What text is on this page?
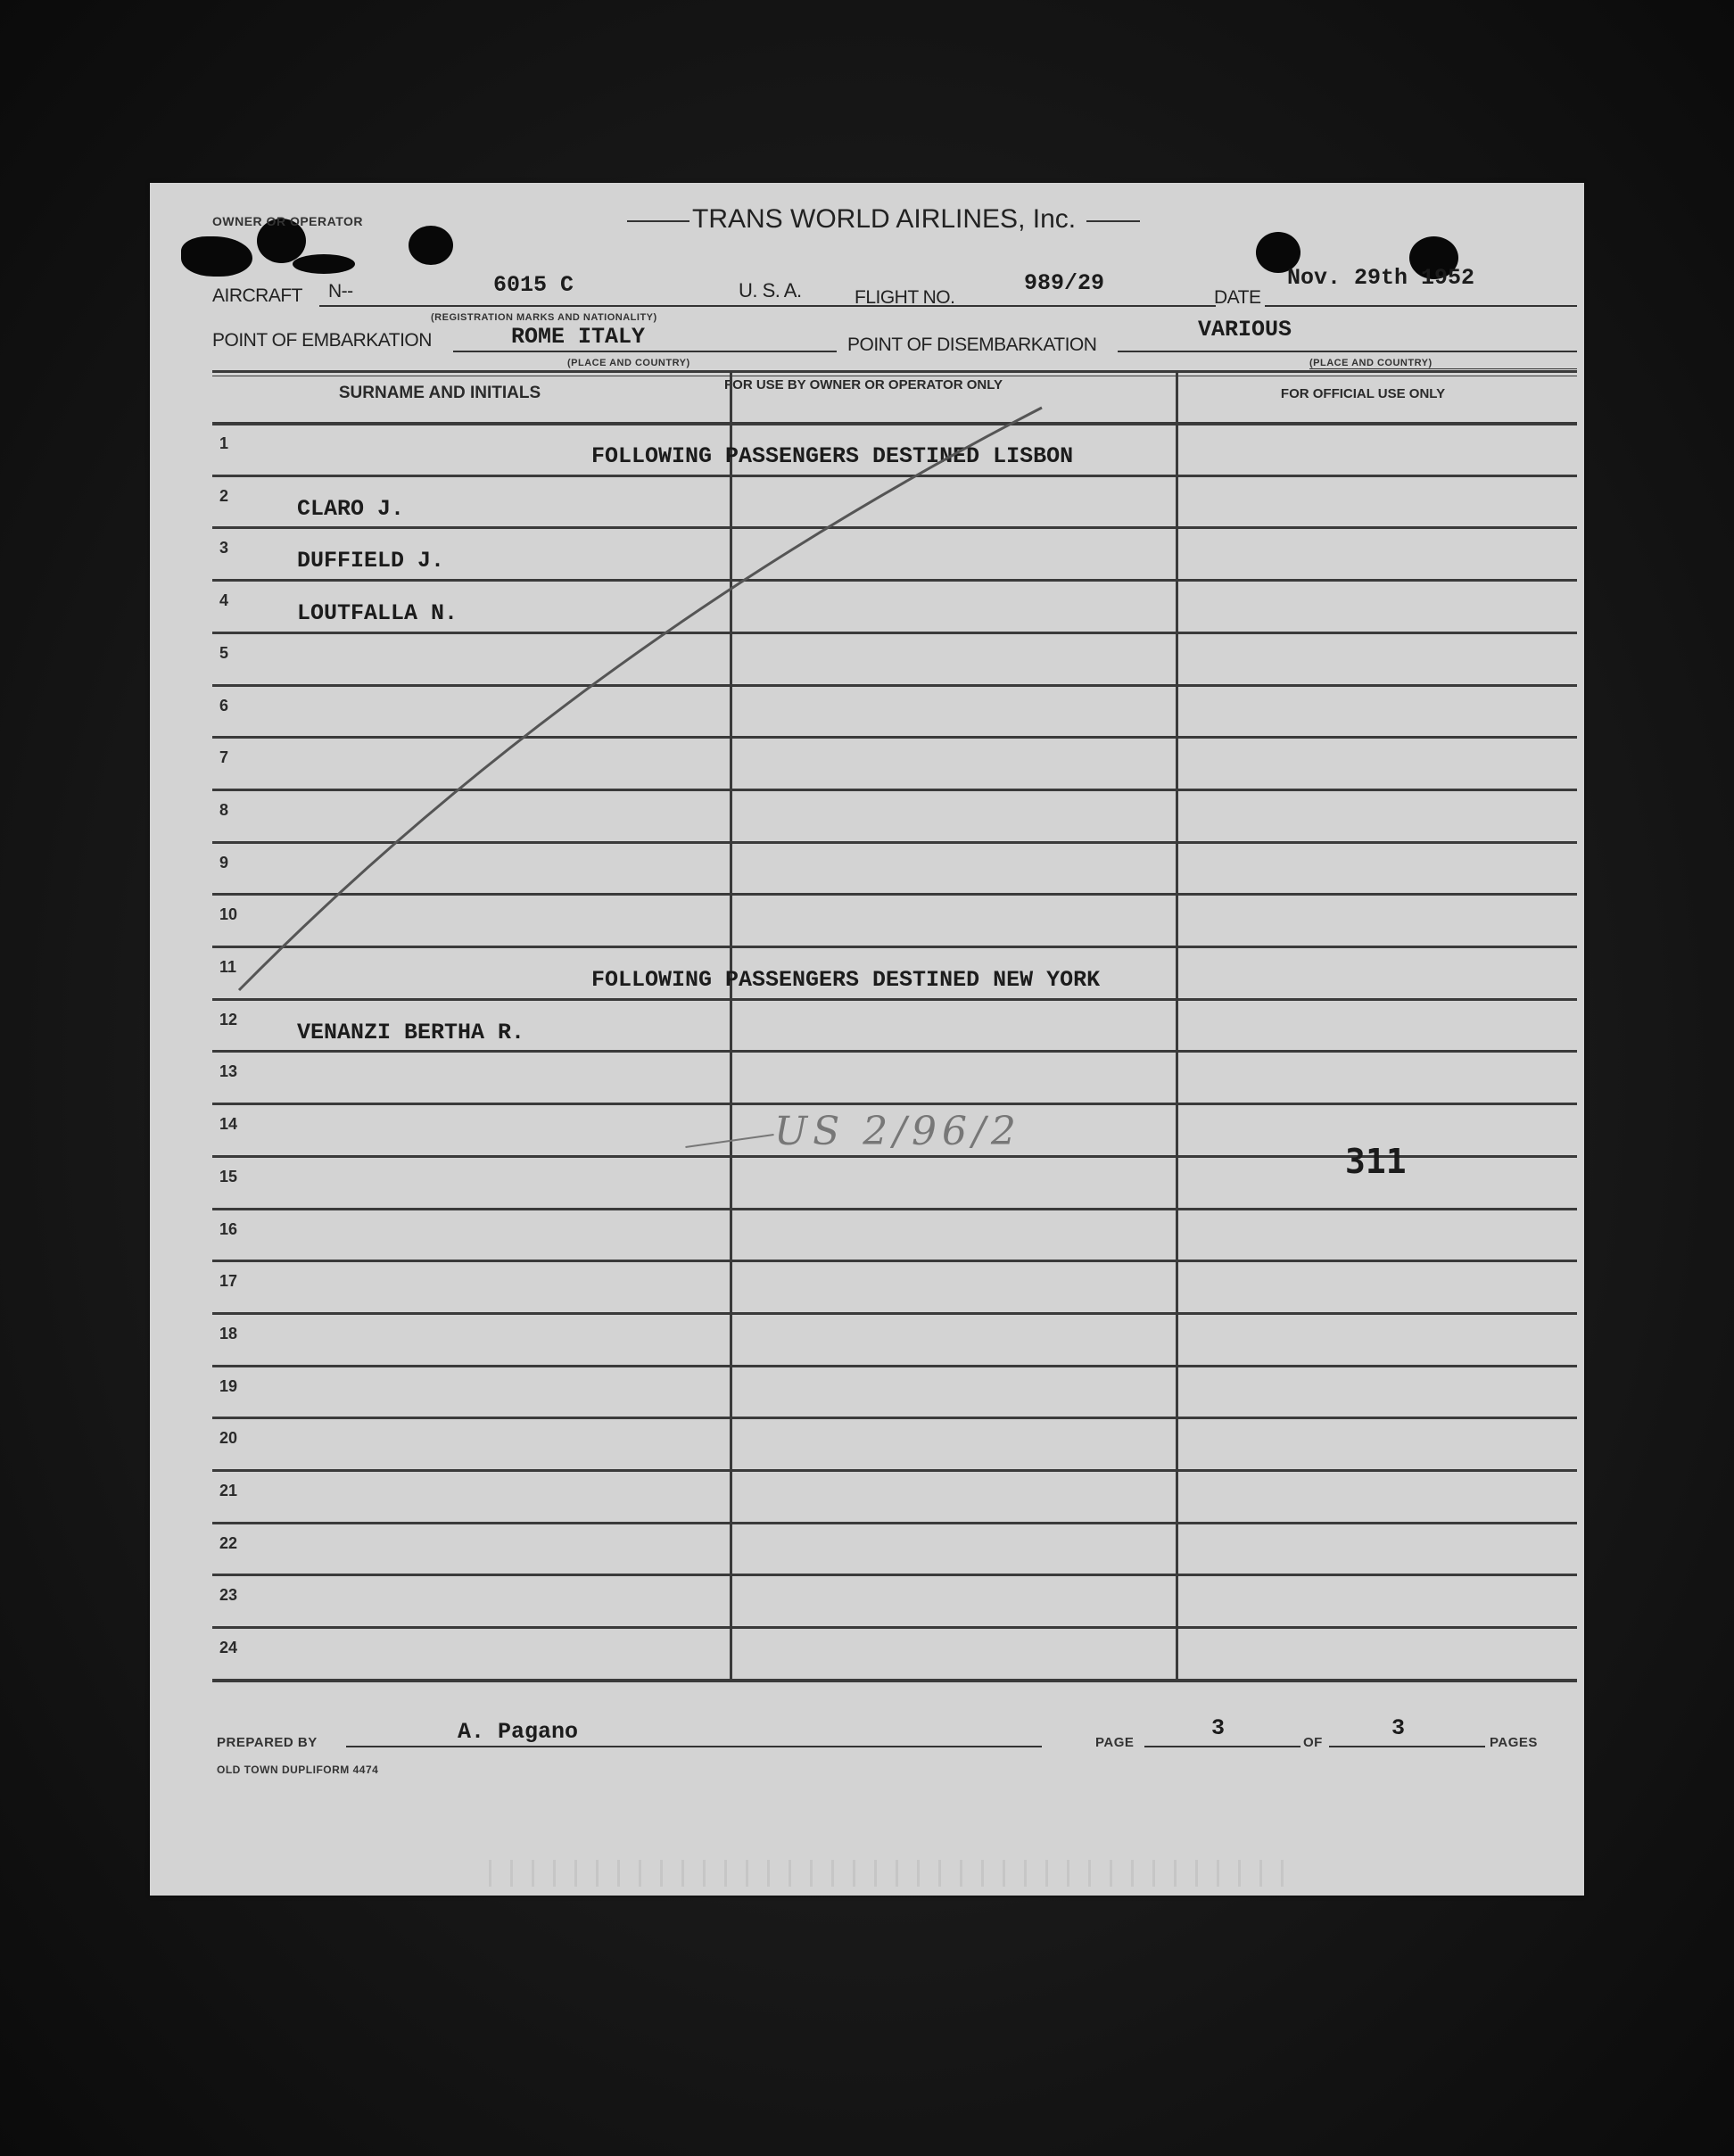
OWNER OR OPERATOR	TRANS WORLD AIRLINES, Inc.
AIRCRAFT N--	6015 C	U. S. A.
(REGISTRATION MARKS AND NATIONALITY)
FLIGHT NO.
989/29
DATE
Nov. 29th 1952
POINT OF EMBARKATION	ROME ITALY
(PLACE AND COUNTRY)
POINT OF DISEMBARKATION
VARIOUS
(PLACE AND COUNTRY)
SURNAME AND INITIALS	FOR USE BY OWNER OR OPERATOR ONLY
FOR OFFICIAL USE ONLY
1	FOLLOWING PASSENGERS DESTINED LISBON
2	CLARO J.
3	DUFFIELD J.
4	LOUTFALLA N.
5
6
7
8
9
10
11	FOLLOWING PASSENGERS DESTINED NEW YORK
12	VENANZI BERTHA R.
13
14
15
16
17
18
19
20
21
22
23
24
US 2/96/2
311
PREPARED BY	A. Pagano
OLD TOWN DUPLIFORM 4474
PAGE
3
OF
3
PAGES
